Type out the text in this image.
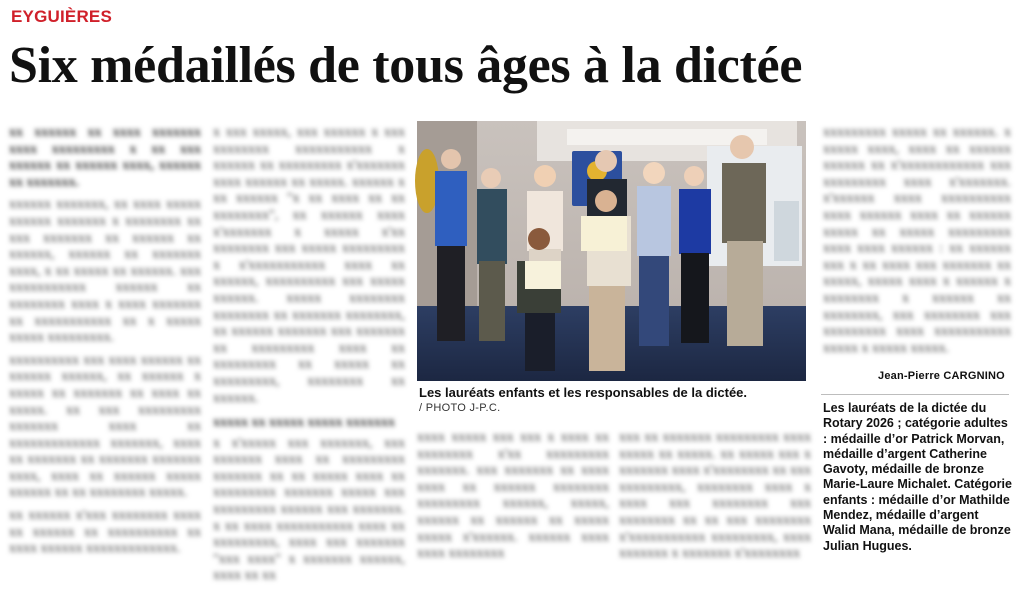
EYGUIÈRES
Six médaillés de tous âges à la dictée

xx xxxxxx xx xxxx xxxxxxx xxxx xxxxxxxxx x xx xxx xxxxxx xx xxxxxx xxxx, xxxxxx xx xxxxxxx.

xxxxxx xxxxxxx, xx xxxx xxxxx xxxxxx xxxxxxx x xxxxxxxx xx xxx xxxxxxx xx xxxxxx xx xxxxxx, xxxxxx xx xxxxxxx xxxx, x xx xxxxx xx xxxxxx. xxx xxxxxxxxxxx xxxxxx xx xxxxxxxx xxxx x xxxx xxxxxxx xx xxxxxxxxxxx xx x xxxxx xxxxx xxxxxxxxx.

xxxxxxxxxx xxx xxxx xxxxxx xx xxxxxx xxxxxx, xx xxxxxx x xxxxx xx xxxxxxx xx xxxx xx xxxxx. xx xxx xxxxxxxxx xxxxxxx xxxx xx xxxxxxxxxxxxx xxxxxxx, xxxx xx xxxxxxx xx xxxxxxx xxxxxxx xxxx, xxxx xx xxxxxx xxxxx xxxxxx xx xx xxxxxxxx xxxxx.

xx xxxxxx x'xxx xxxxxxxx xxxx xx xxxxxx xx xxxxxxxxxx xx xxxx xxxxxx xxxxxxxxxxxxx.

x xxx xxxxx, xxx xxxxxx x xxx xxxxxxxx xxxxxxxxxxx x xxxxxx xx xxxxxxxxx x'xxxxxxx xxxx xxxxxx xx xxxxx. xxxxxx x xx xxxxxx "x xx xxxx xx xx xxxxxxxx", xx xxxxxx xxxx x'xxxxxxx x xxxxx x'xx xxxxxxxx xxx xxxxx xxxxxxxxx x x'xxxxxxxxxxx xxxx xx xxxxxx, xxxxxxxxxx xxx xxxxx xxxxxx. xxxxx xxxxxxxx xxxxxxxx xx xxxxxxx xxxxxxxx, xx xxxxxx xxxxxxx xxx xxxxxxx xx xxxxxxxxx xxxx xx xxxxxxxxx xx xxxxx xx xxxxxxxxx, xxxxxxxx xx xxxxxx.

xxxxx xx xxxxx xxxxx xxxxxxx

x x'xxxxx xxx xxxxxxx, xxx xxxxxxx xxxx xx xxxxxxxxx xxxxxxx xx xx xxxxx xxxx xx xxxxxxxxx xxxxxxx xxxxx xxx xxxxxxxxx xxxxxx xxx xxxxxxx. x xx xxxx xxxxxxxxxxx xxxx xx xxxxxxxxx, xxxx xxx xxxxxxx "xxx xxxx" x xxxxxxx xxxxxx, xxxx xx xx

xxxx xxxxx xxx xxx x xxxx xx xxxxxxxx x'xx xxxxxxxxx xxxxxxx. xxx xxxxxxx xx xxxx xxxx xx xxxxxx xxxxxxxx xxxxxxxxx xxxxxx, xxxxx, xxxxxx xx xxxxxx xx xxxxx xxxxx x'xxxxxx. xxxxxx xxxx xxxx xxxxxxxx

xxx xx xxxxxxx xxxxxxxxx xxxx xxxxx xx xxxxx. xx xxxxx xxx x xxxxxxx xxxx x'xxxxxxxx xx xxx xxxxxxxxx, xxxxxxxx xxxx x xxxx xxx xxxxxxxx xxx xxxxxxxx xx xx xxx xxxxxxxx x'xxxxxxxxxxx xxxxxxxxx, xxxx xxxxxxx x xxxxxxx x'xxxxxxxx

xxxxxxxxx xxxxx xx xxxxxx. x xxxxx xxxx, xxxx xx xxxxxx xxxxxx xx x'xxxxxxxxxxxx xxx xxxxxxxxx xxxx x'xxxxxxx. x'xxxxxx xxxx xxxxxxxxxx xxxx xxxxxx xxxx xx xxxxxx xxxxx xx xxxxx xxxxxxxxx xxxx xxxx xxxxxx : xx xxxxxx xxx x xx xxxx xxx xxxxxxx xx xxxxx, xxxxx xxxx x xxxxxx x xxxxxxxx x xxxxxx xx xxxxxxxx, xxx xxxxxxxx xxx xxxxxxxxx xxxx xxxxxxxxxxx xxxxx x xxxxx xxxxx.

Les lauréats enfants et les responsables de la dictée.
/ PHOTO J-P.C.
Jean-Pierre CARGNINO
Les lauréats de la dictée du Rotary 2026 ; catégorie adultes : médaille d’or Patrick Morvan, médaille d’argent Catherine Gavoty, médaille de bronze Marie-Laure Michalet. Catégorie enfants : médaille d’or Mathilde Mendez, médaille d’argent Walid Mana, médaille de bronze Julian Hugues.
